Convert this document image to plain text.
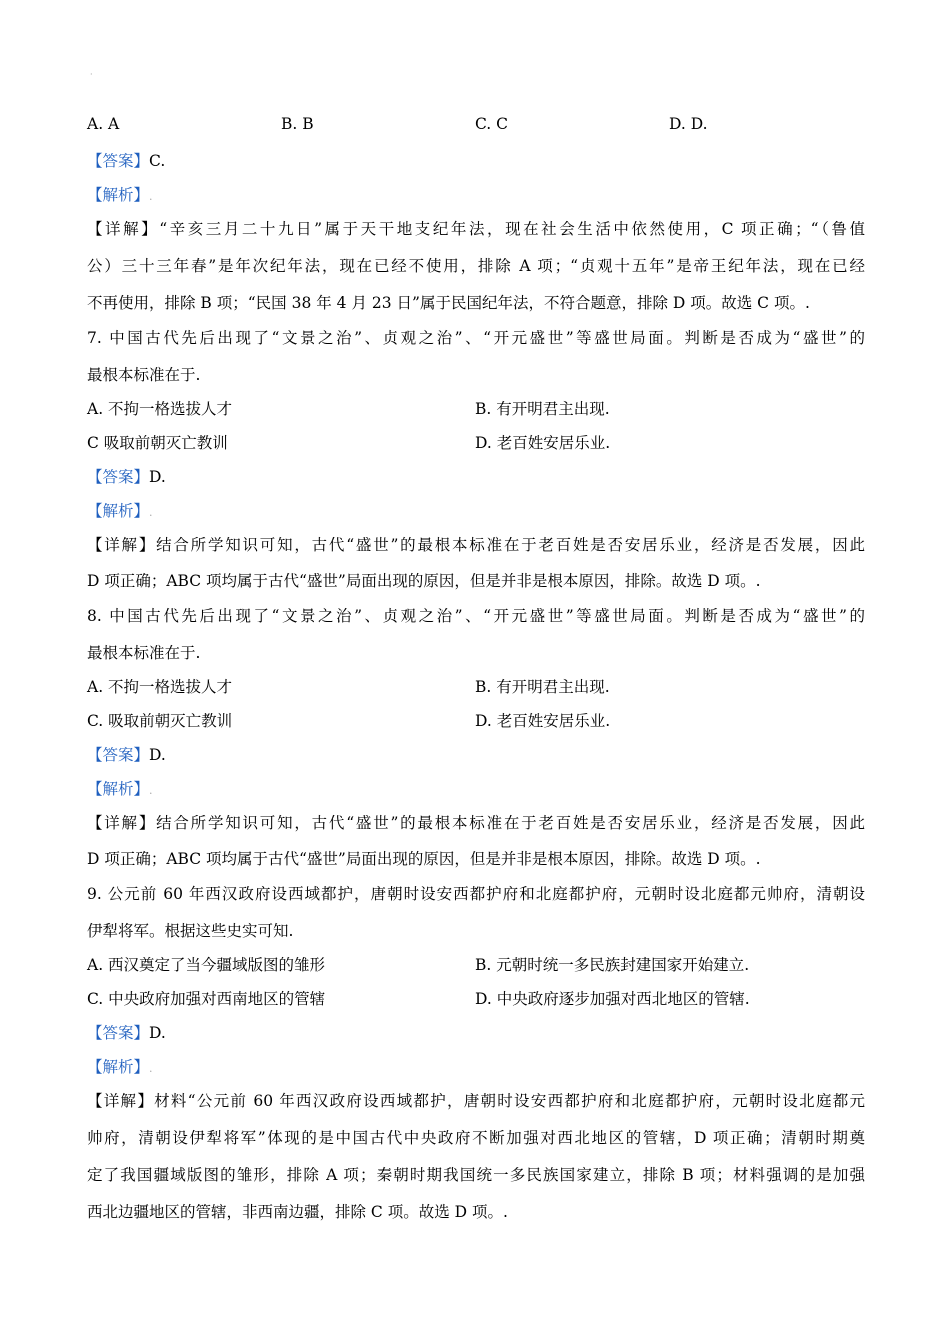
·
A. A	B. B	C. C	D. D.
【答案】C.
【解析】.
【详解】“辛亥三月二十九日”属于天干地支纪年法，现在社会生活中依然使用，C 项正确；“（鲁值
公）三十三年春”是年次纪年法，现在已经不使用，排除 A 项；“贞观十五年”是帝王纪年法，现在已经
不再使用，排除 B 项；“民国 38 年 4 月 23 日”属于民国纪年法，不符合题意，排除 D 项。故选 C 项。.
7. 中国古代先后出现了“文景之治”、贞观之治”、“开元盛世”等盛世局面。判断是否成为“盛世”的
最根本标准在于.
A. 不拘一格选拔人才	B. 有开明君主出现.
C 吸取前朝灭亡教训	D. 老百姓安居乐业.
【答案】D.
【解析】.
【详解】结合所学知识可知，古代“盛世”的最根本标准在于老百姓是否安居乐业，经济是否发展，因此
D 项正确；ABC 项均属于古代“盛世”局面出现的原因，但是并非是根本原因，排除。故选 D 项。.
8. 中国古代先后出现了“文景之治”、贞观之治”、“开元盛世”等盛世局面。判断是否成为“盛世”的
最根本标准在于.
A. 不拘一格选拔人才	B. 有开明君主出现.
C. 吸取前朝灭亡教训	D. 老百姓安居乐业.
【答案】D.
【解析】.
【详解】结合所学知识可知，古代“盛世”的最根本标准在于老百姓是否安居乐业，经济是否发展，因此
D 项正确；ABC 项均属于古代“盛世”局面出现的原因，但是并非是根本原因，排除。故选 D 项。.
9. 公元前 60 年西汉政府设西域都护，唐朝时设安西都护府和北庭都护府，元朝时设北庭都元帅府，清朝设
伊犁将军。根据这些史实可知.
A. 西汉奠定了当今疆域版图的雏形	B. 元朝时统一多民族封建国家开始建立.
C. 中央政府加强对西南地区的管辖	D. 中央政府逐步加强对西北地区的管辖.
【答案】D.
【解析】.
【详解】材料“公元前 60 年西汉政府设西域都护，唐朝时设安西都护府和北庭都护府，元朝时设北庭都元
帅府，清朝设伊犁将军”体现的是中国古代中央政府不断加强对西北地区的管辖，D 项正确；清朝时期奠
定了我国疆域版图的雏形，排除 A 项；秦朝时期我国统一多民族国家建立，排除 B 项；材料强调的是加强
西北边疆地区的管辖，非西南边疆，排除 C 项。故选 D 项。.
